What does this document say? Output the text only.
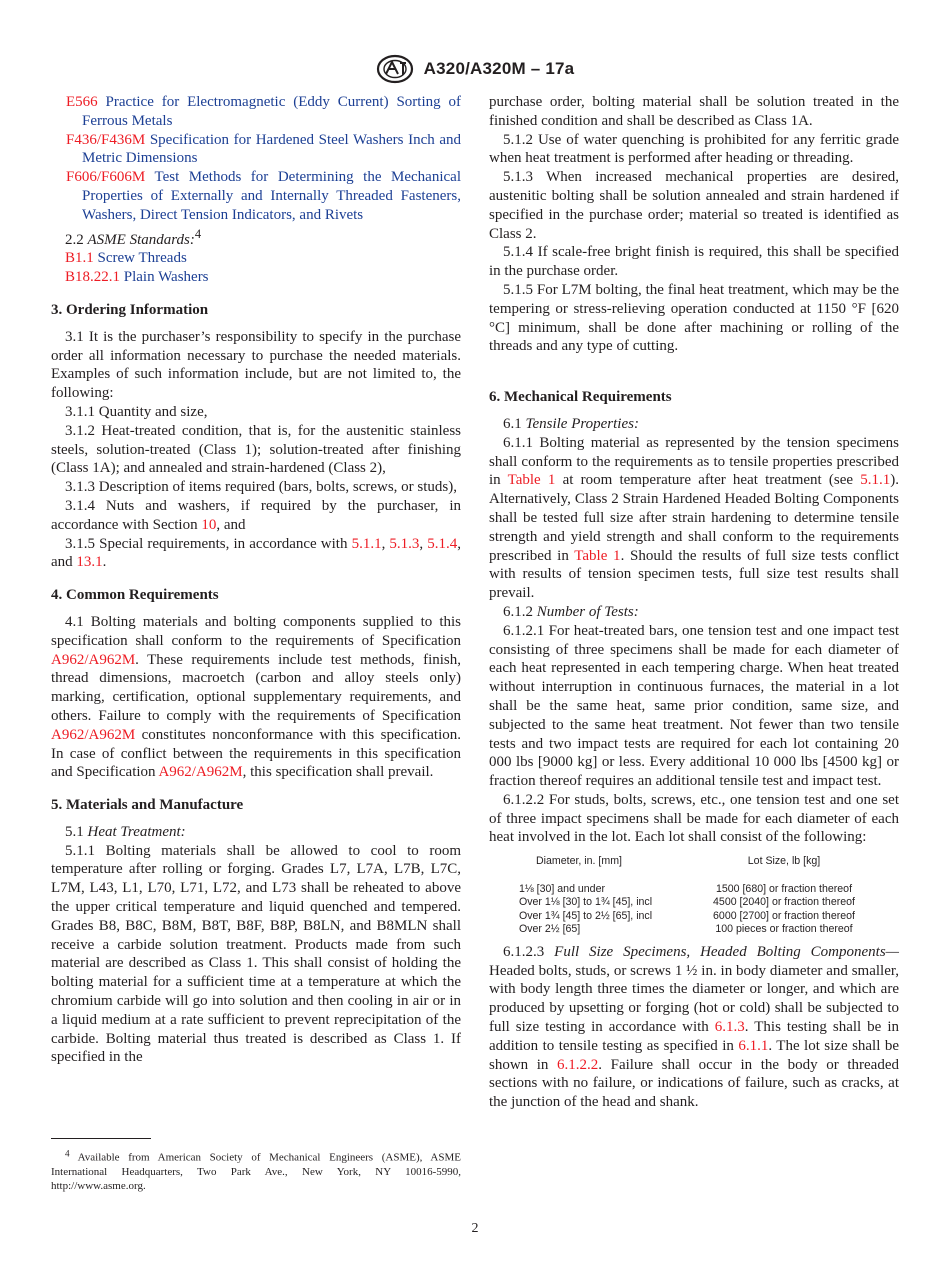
A320/A320M – 17a

E566 Practice for Electromagnetic (Eddy Current) Sorting of Ferrous Metals

F436/F436M Specification for Hardened Steel Washers Inch and Metric Dimensions

F606/F606M Test Methods for Determining the Mechanical Properties of Externally and Internally Threaded Fasteners, Washers, Direct Tension Indicators, and Rivets

2.2 ASME Standards:$^4$

B1.1 Screw Threads

B18.22.1 Plain Washers

3. Ordering Information

3.1 It is the purchaser’s responsibility to specify in the purchase order all information necessary to purchase the needed materials. Examples of such information include, but are not limited to, the following:

3.1.1 Quantity and size,

3.1.2 Heat-treated condition, that is, for the austenitic stainless steels, solution-treated (Class 1); solution-treated after finishing (Class 1A); and annealed and strain-hardened (Class 2),

3.1.3 Description of items required (bars, bolts, screws, or studs),

3.1.4 Nuts and washers, if required by the purchaser, in accordance with Section 10, and

3.1.5 Special requirements, in accordance with 5.1.1, 5.1.3, 5.1.4, and 13.1.

4. Common Requirements

4.1 Bolting materials and bolting components supplied to this specification shall conform to the requirements of Specification A962/A962M. These requirements include test methods, finish, thread dimensions, macroetch (carbon and alloy steels only) marking, certification, optional supplementary requirements, and others. Failure to comply with the requirements of Specification A962/A962M constitutes nonconformance with this specification. In case of conflict between the requirements in this specification and Specification A962/A962M, this specification shall prevail.

5. Materials and Manufacture

5.1 Heat Treatment:

5.1.1 Bolting materials shall be allowed to cool to room temperature after rolling or forging. Grades L7, L7A, L7B, L7C, L7M, L43, L1, L70, L71, L72, and L73 shall be reheated to above the upper critical temperature and liquid quenched and tempered. Grades B8, B8C, B8M, B8T, B8F, B8P, B8LN, and B8MLN shall receive a carbide solution treatment. Products made from such material are described as Class 1. This shall consist of holding the bolting material for a sufficient time at a temperature at which the chromium carbide will go into solution and then cooling in air or in a liquid medium at a rate sufficient to prevent reprecipitation of the carbide. Bolting material thus treated is described as Class 1. If specified in the

$^4$ Available from American Society of Mechanical Engineers (ASME), ASME International Headquarters, Two Park Ave., New York, NY 10016-5990, http://www.asme.org.

purchase order, bolting material shall be solution treated in the finished condition and shall be described as Class 1A.

5.1.2 Use of water quenching is prohibited for any ferritic grade when heat treatment is performed after heading or threading.

5.1.3 When increased mechanical properties are desired, austenitic bolting shall be solution annealed and strain hardened if specified in the purchase order; material so treated is identified as Class 2.

5.1.4 If scale-free bright finish is required, this shall be specified in the purchase order.

5.1.5 For L7M bolting, the final heat treatment, which may be the tempering or stress-relieving operation conducted at 1150 °F [620 °C] minimum, shall be done after machining or rolling of the threads and any type of cutting.

6. Mechanical Requirements

6.1 Tensile Properties:

6.1.1 Bolting material as represented by the tension specimens shall conform to the requirements as to tensile properties prescribed in Table 1 at room temperature after heat treatment (see 5.1.1). Alternatively, Class 2 Strain Hardened Headed Bolting Components shall be tested full size after strain hardening to determine tensile strength and yield strength and shall conform to the requirements prescribed in Table 1. Should the results of full size tests conflict with results of tension specimen tests, full size test results shall prevail.

6.1.2 Number of Tests:

6.1.2.1 For heat-treated bars, one tension test and one impact test consisting of three specimens shall be made for each diameter of each heat represented in each tempering charge. When heat treated without interruption in continuous furnaces, the material in a lot shall be the same heat, same prior condition, same size, and subjected to the same heat treatment. Not fewer than two tensile tests and two impact tests are required for each lot containing 20 000 lbs [9000 kg] or less. Every additional 10 000 lbs [4500 kg] or fraction thereof requires an additional tensile test and impact test.

6.1.2.2 For studs, bolts, screws, etc., one tension test and one set of three impact specimens shall be made for each diameter of each heat involved in the lot. Each lot shall consist of the following:

Diameter, in. [mm]	Lot Size, lb [kg]
1⅛ [30] and under	1500 [680] or fraction thereof
Over 1⅛ [30] to 1¾ [45], incl	4500 [2040] or fraction thereof
Over 1¾ [45] to 2½ [65], incl	6000 [2700] or fraction thereof
Over 2½ [65]	100 pieces or fraction thereof

6.1.2.3 Full Size Specimens, Headed Bolting Components—Headed bolts, studs, or screws 1 ½ in. in body diameter and smaller, with body length three times the diameter or longer, and which are produced by upsetting or forging (hot or cold) shall be subjected to full size testing in accordance with 6.1.3. This testing shall be in addition to tensile testing as specified in 6.1.1. The lot size shall be shown in 6.1.2.2. Failure shall occur in the body or threaded sections with no failure, or indications of failure, such as cracks, at the junction of the head and shank.

2
